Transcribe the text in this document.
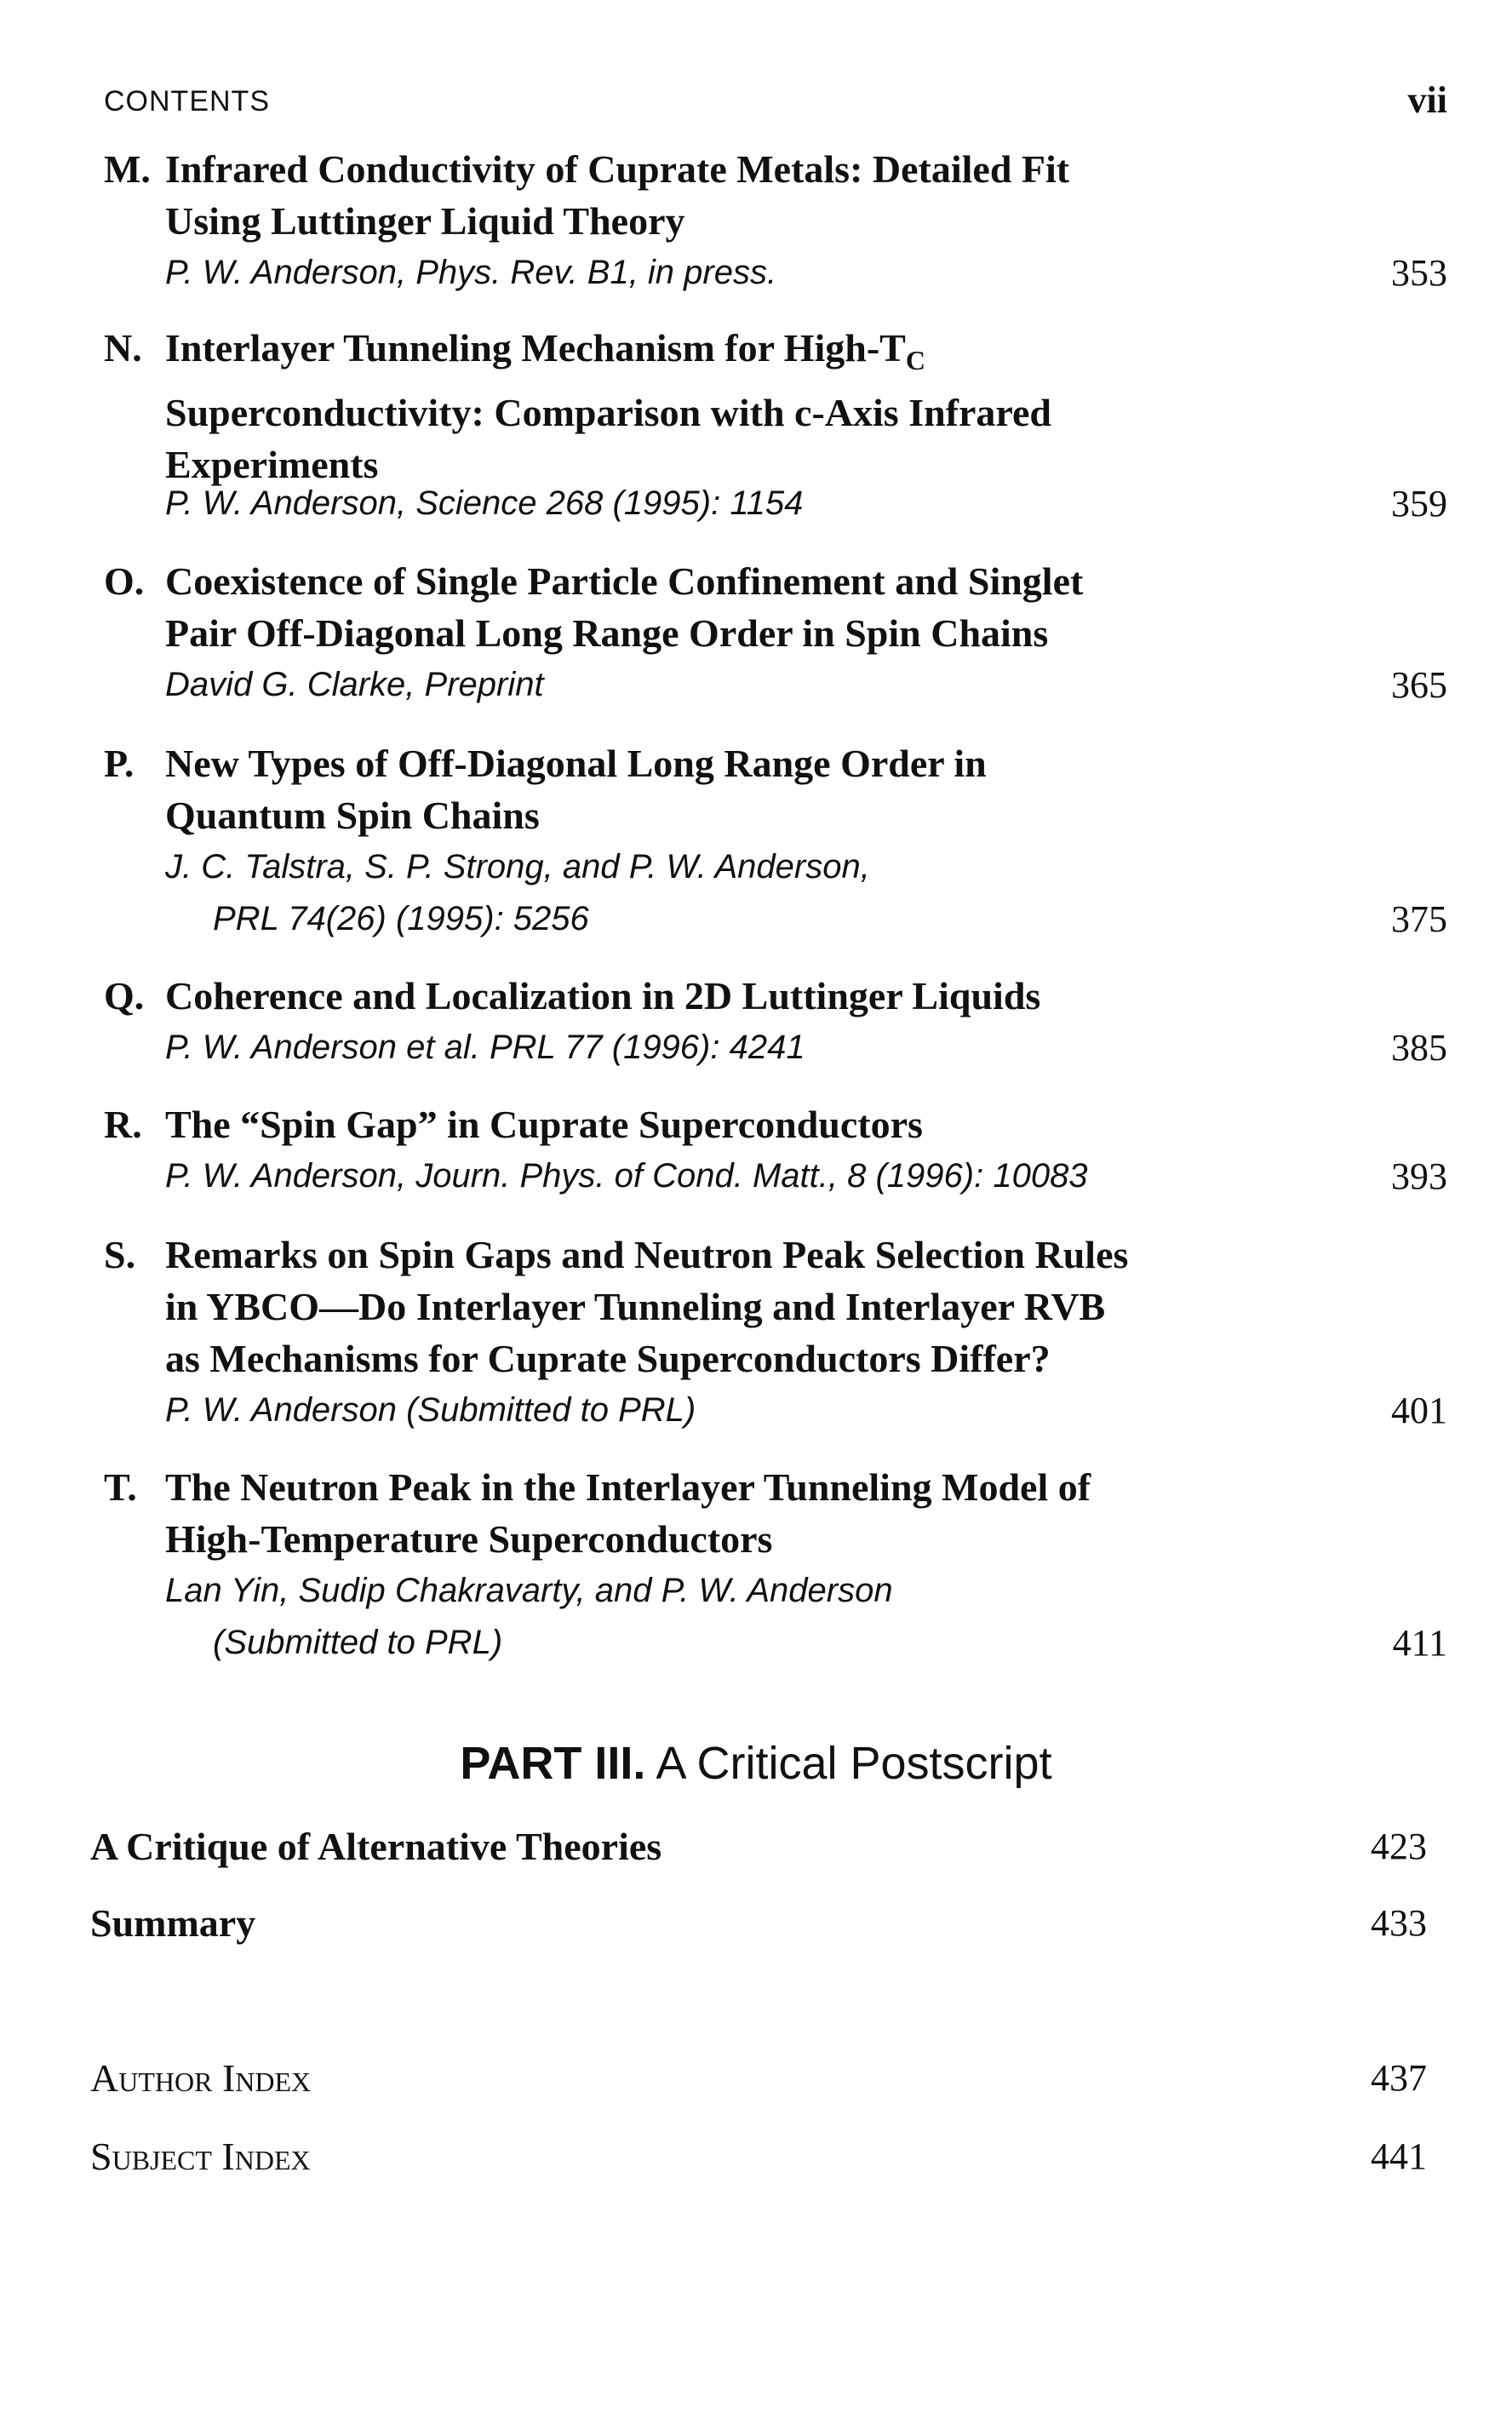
CONTENTS	vii
M. Infrared Conductivity of Cuprate Metals: Detailed Fit
Using Luttinger Liquid Theory
P. W. Anderson, Phys. Rev. B1, in press.	353
N. Interlayer Tunneling Mechanism for High-$T_C$
Superconductivity: Comparison with c-Axis Infrared
Experiments
P. W. Anderson, Science 268 (1995): 1154	359
O. Coexistence of Single Particle Confinement and Singlet
Pair Off-Diagonal Long Range Order in Spin Chains
David G. Clarke, Preprint	365
P. New Types of Off-Diagonal Long Range Order in
Quantum Spin Chains
J. C. Talstra, S. P. Strong, and P. W. Anderson,
PRL 74(26) (1995): 5256	375
Q. Coherence and Localization in 2D Luttinger Liquids
P. W. Anderson et al. PRL 77 (1996): 4241	385
R. The “Spin Gap” in Cuprate Superconductors
P. W. Anderson, Journ. Phys. of Cond. Matt., 8 (1996): 10083	393
S. Remarks on Spin Gaps and Neutron Peak Selection Rules
in YBCO—Do Interlayer Tunneling and Interlayer RVB
as Mechanisms for Cuprate Superconductors Differ?
P. W. Anderson (Submitted to PRL)	401
T. The Neutron Peak in the Interlayer Tunneling Model of
High-Temperature Superconductors
Lan Yin, Sudip Chakravarty, and P. W. Anderson
(Submitted to PRL)	411
PART III. A Critical Postscript
A Critique of Alternative Theories	423
Summary	433
Author Index	437
Subject Index	441
